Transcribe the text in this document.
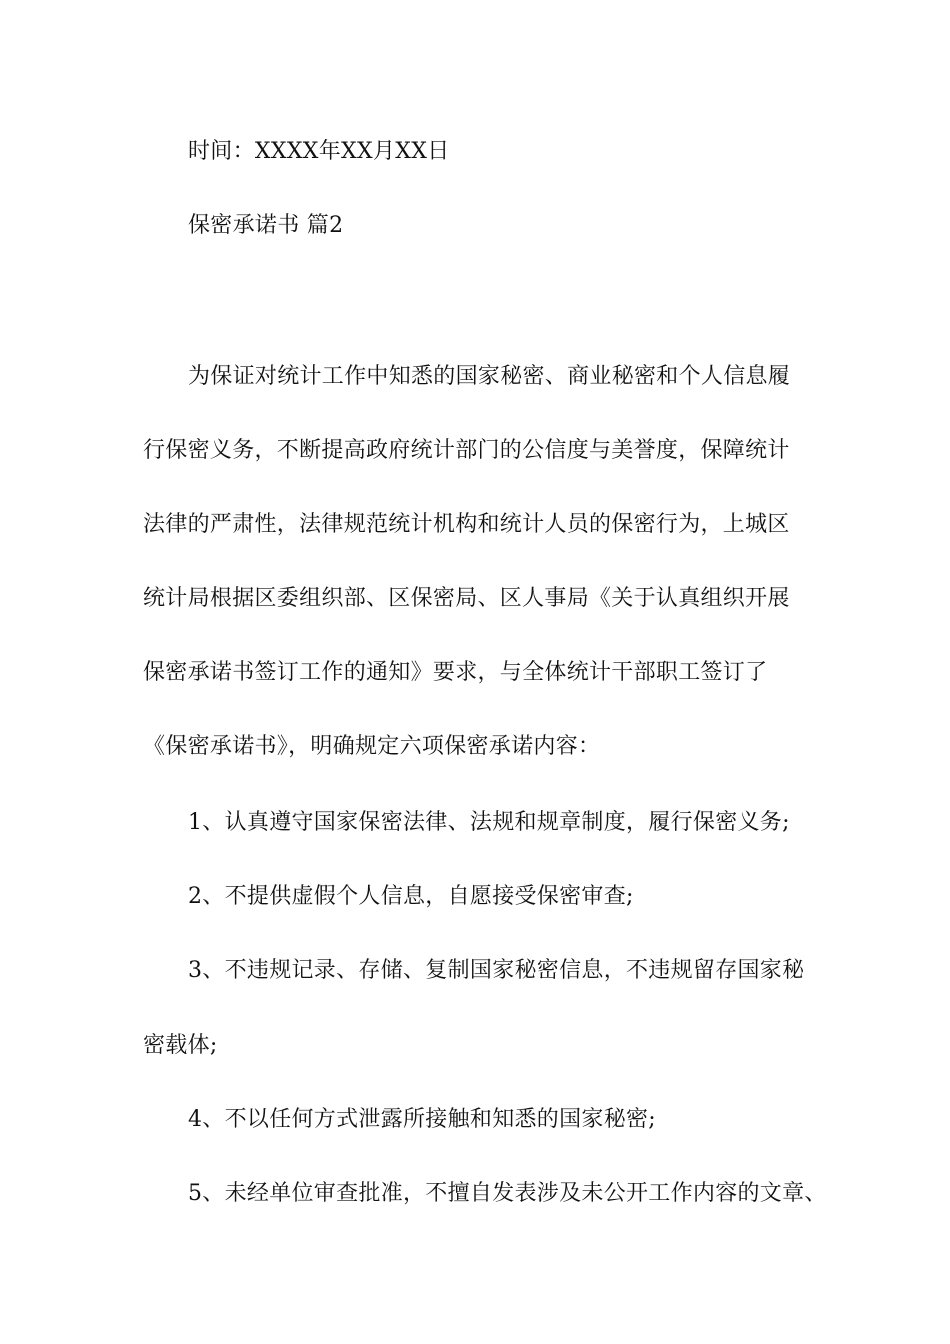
时间：XXXX年XX月XX日

保密承诺书 篇2

为保证对统计工作中知悉的国家秘密、商业秘密和个人信息履

行保密义务，不断提高政府统计部门的公信度与美誉度，保障统计

法律的严肃性，法律规范统计机构和统计人员的保密行为，上城区

统计局根据区委组织部、区保密局、区人事局《关于认真组织开展

保密承诺书签订工作的通知》要求，与全体统计干部职工签订了

《保密承诺书》，明确规定六项保密承诺内容：

1、认真遵守国家保密法律、法规和规章制度，履行保密义务;

2、不提供虚假个人信息，自愿接受保密审查;

3、不违规记录、存储、复制国家秘密信息，不违规留存国家秘

密载体;

4、不以任何方式泄露所接触和知悉的国家秘密;

5、未经单位审查批准，不擅自发表涉及未公开工作内容的文章、
